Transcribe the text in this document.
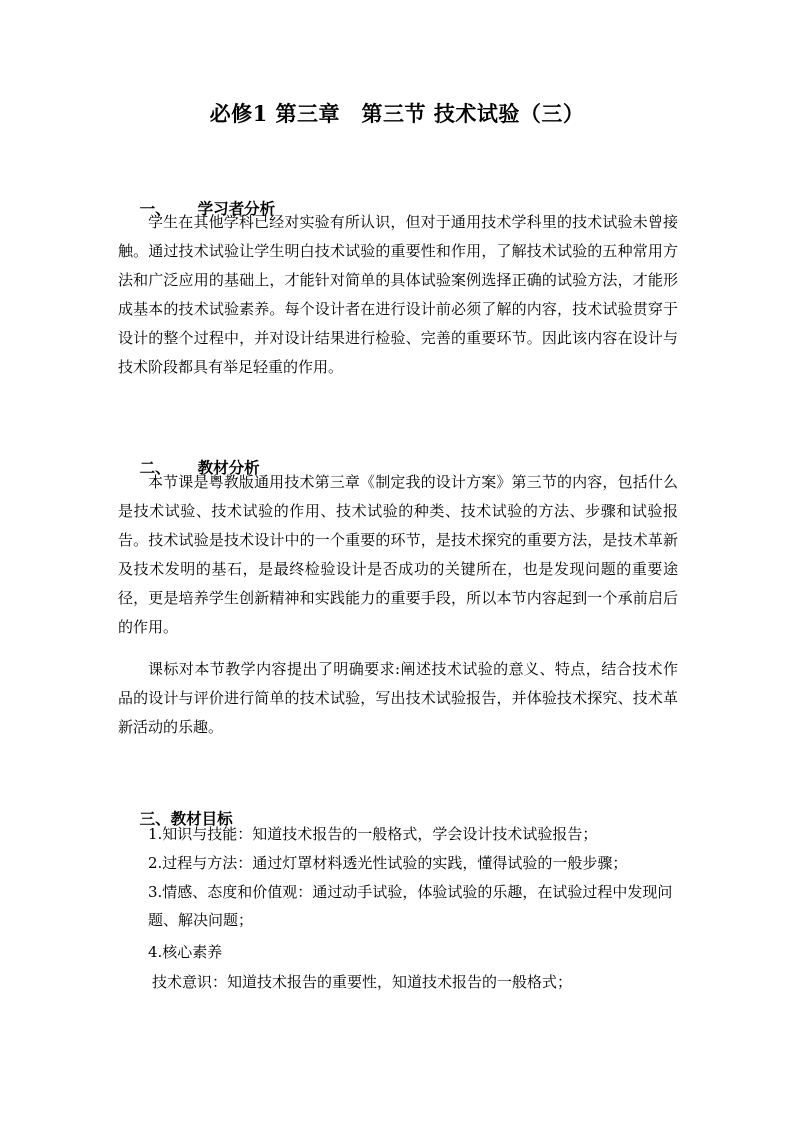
必修1 第三章　第三节 技术试验（三）

一、 学习者分析

学生在其他学科已经对实验有所认识，但对于通用技术学科里的技术试验未曾接触。通过技术试验让学生明白技术试验的重要性和作用，了解技术试验的五种常用方法和广泛应用的基础上，才能针对简单的具体试验案例选择正确的试验方法，才能形成基本的技术试验素养。每个设计者在进行设计前必须了解的内容，技术试验贯穿于设计的整个过程中，并对设计结果进行检验、完善的重要环节。因此该内容在设计与技术阶段都具有举足轻重的作用。

二、 教材分析

本节课是粤教版通用技术第三章《制定我的设计方案》第三节的内容，包括什么是技术试验、技术试验的作用、技术试验的种类、技术试验的方法、步骤和试验报告。技术试验是技术设计中的一个重要的环节，是技术探究的重要方法，是技术革新及技术发明的基石，是最终检验设计是否成功的关键所在，也是发现问题的重要途径，更是培养学生创新精神和实践能力的重要手段，所以本节内容起到一个承前启后的作用。

课标对本节教学内容提出了明确要求:阐述技术试验的意义、特点，结合技术作品的设计与评价进行简单的技术试验，写出技术试验报告，并体验技术探究、技术革新活动的乐趣。

三、教材目标

1.知识与技能：知道技术报告的一般格式，学会设计技术试验报告；

2.过程与方法：通过灯罩材料透光性试验的实践，懂得试验的一般步骤；

3.情感、态度和价值观：通过动手试验，体验试验的乐趣，在试验过程中发现问题、解决问题；

4.核心素养

技术意识：知道技术报告的重要性，知道技术报告的一般格式；
